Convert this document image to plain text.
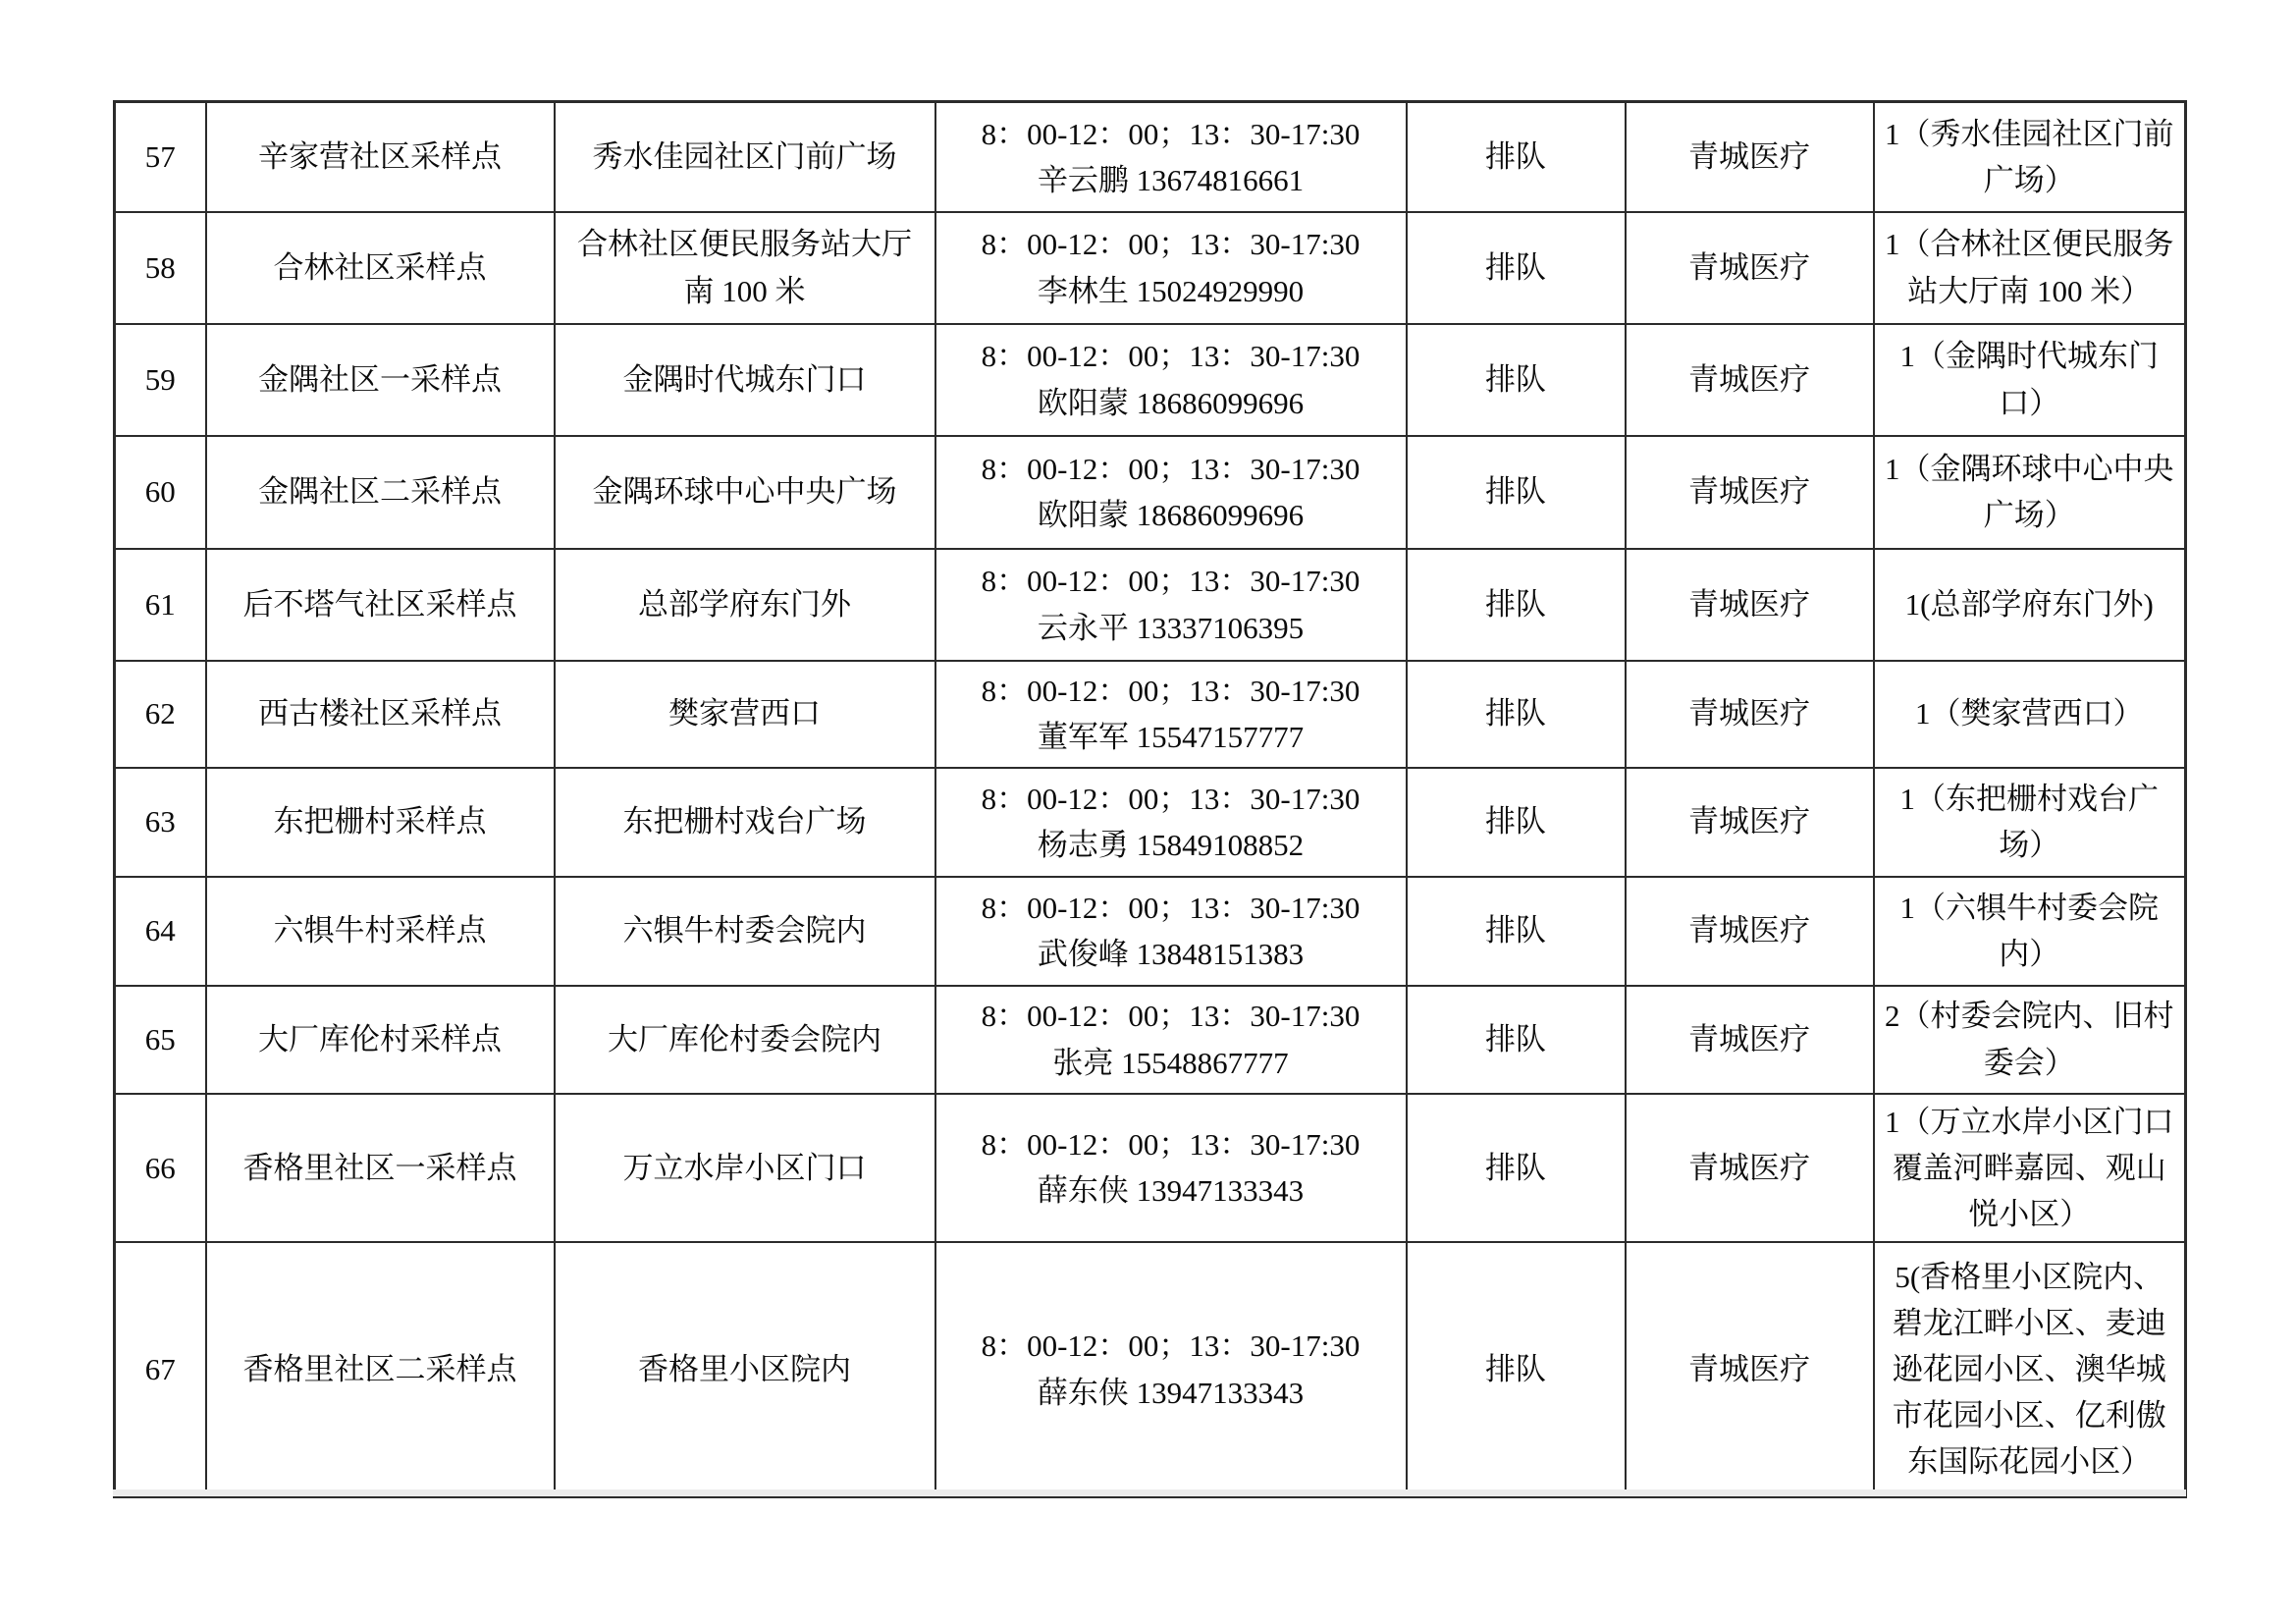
57	辛家营社区采样点	秀水佳园社区门前广场	8：00-12：00；13：30-17:30
辛云鹏 13674816661	排队	青城医疗	1（秀水佳园社区门前广场）
58	合林社区采样点	合林社区便民服务站大厅南 100 米	8：00-12：00；13：30-17:30
李林生 15024929990	排队	青城医疗	1（合林社区便民服务站大厅南 100 米）
59	金隅社区一采样点	金隅时代城东门口	8：00-12：00；13：30-17:30
欧阳蒙 18686099696	排队	青城医疗	1（金隅时代城东门口）
60	金隅社区二采样点	金隅环球中心中央广场	8：00-12：00；13：30-17:30
欧阳蒙 18686099696	排队	青城医疗	1（金隅环球中心中央广场）
61	后不塔气社区采样点	总部学府东门外	8：00-12：00；13：30-17:30
云永平 13337106395	排队	青城医疗	1(总部学府东门外)
62	西古楼社区采样点	樊家营西口	8：00-12：00；13：30-17:30
董军军 15547157777	排队	青城医疗	1（樊家营西口）
63	东把栅村采样点	东把栅村戏台广场	8：00-12：00；13：30-17:30
杨志勇 15849108852	排队	青城医疗	1（东把栅村戏台广场）
64	六犋牛村采样点	六犋牛村委会院内	8：00-12：00；13：30-17:30
武俊峰 13848151383	排队	青城医疗	1（六犋牛村委会院内）
65	大厂库伦村采样点	大厂库伦村委会院内	8：00-12：00；13：30-17:30
张亮 15548867777	排队	青城医疗	2（村委会院内、旧村委会）
66	香格里社区一采样点	万立水岸小区门口	8：00-12：00；13：30-17:30
薛东侠 13947133343	排队	青城医疗	1（万立水岸小区门口覆盖河畔嘉园、观山悦小区）
67	香格里社区二采样点	香格里小区院内	8：00-12：00；13：30-17:30
薛东侠 13947133343	排队	青城医疗	5(香格里小区院内、碧龙江畔小区、麦迪逊花园小区、澳华城市花园小区、亿利傲东国际花园小区）
